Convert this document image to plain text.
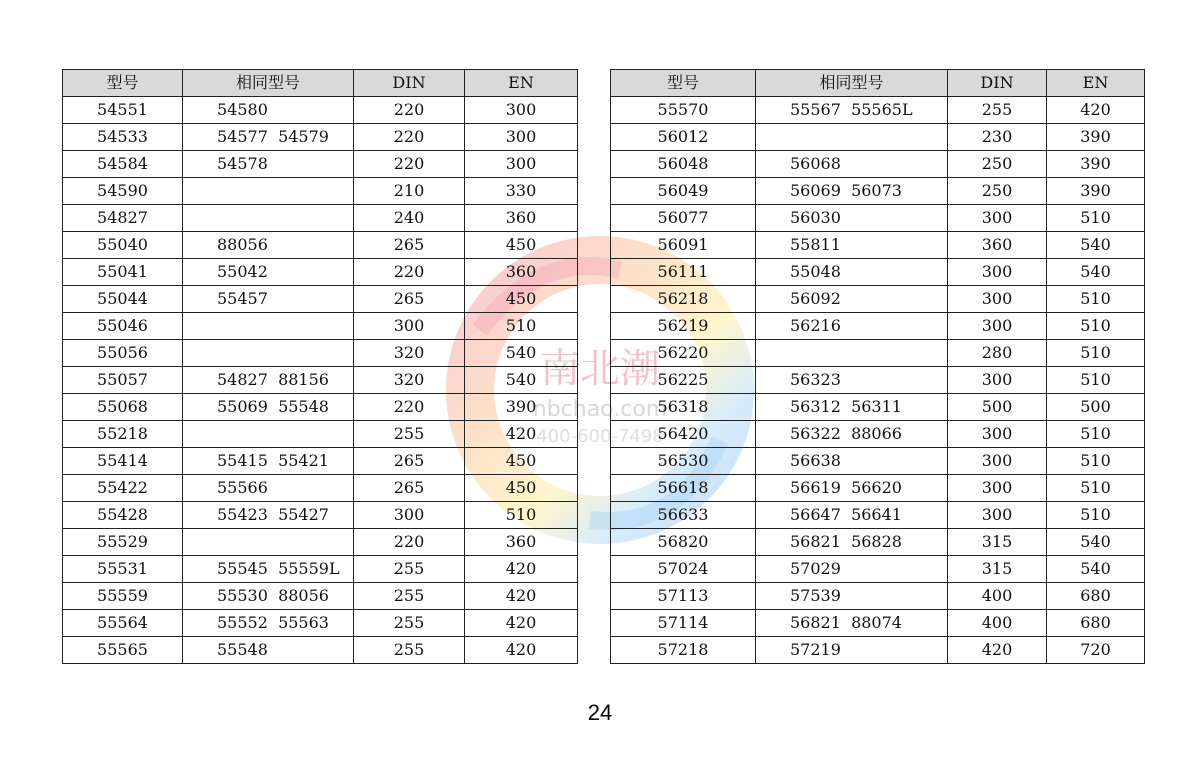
南北潮
nbchao.com
400-600-7498
型号	相同型号	DIN	EN
54551	54580	220	300
54533	54577  54579	220	300
54584	54578	220	300
54590		210	330
54827		240	360
55040	88056	265	450
55041	55042	220	360
55044	55457	265	450
55046		300	510
55056		320	540
55057	54827  88156	320	540
55068	55069  55548	220	390
55218		255	420
55414	55415  55421	265	450
55422	55566	265	450
55428	55423  55427	300	510
55529		220	360
55531	55545  55559L	255	420
55559	55530  88056	255	420
55564	55552  55563	255	420
55565	55548	255	420
型号	相同型号	DIN	EN
55570	55567  55565L	255	420
56012		230	390
56048	56068	250	390
56049	56069  56073	250	390
56077	56030	300	510
56091	55811	360	540
56111	55048	300	540
56218	56092	300	510
56219	56216	300	510
56220		280	510
56225	56323	300	510
56318	56312  56311	500	500
56420	56322  88066	300	510
56530	56638	300	510
56618	56619  56620	300	510
56633	56647  56641	300	510
56820	56821  56828	315	540
57024	57029	315	540
57113	57539	400	680
57114	56821  88074	400	680
57218	57219	420	720
24
